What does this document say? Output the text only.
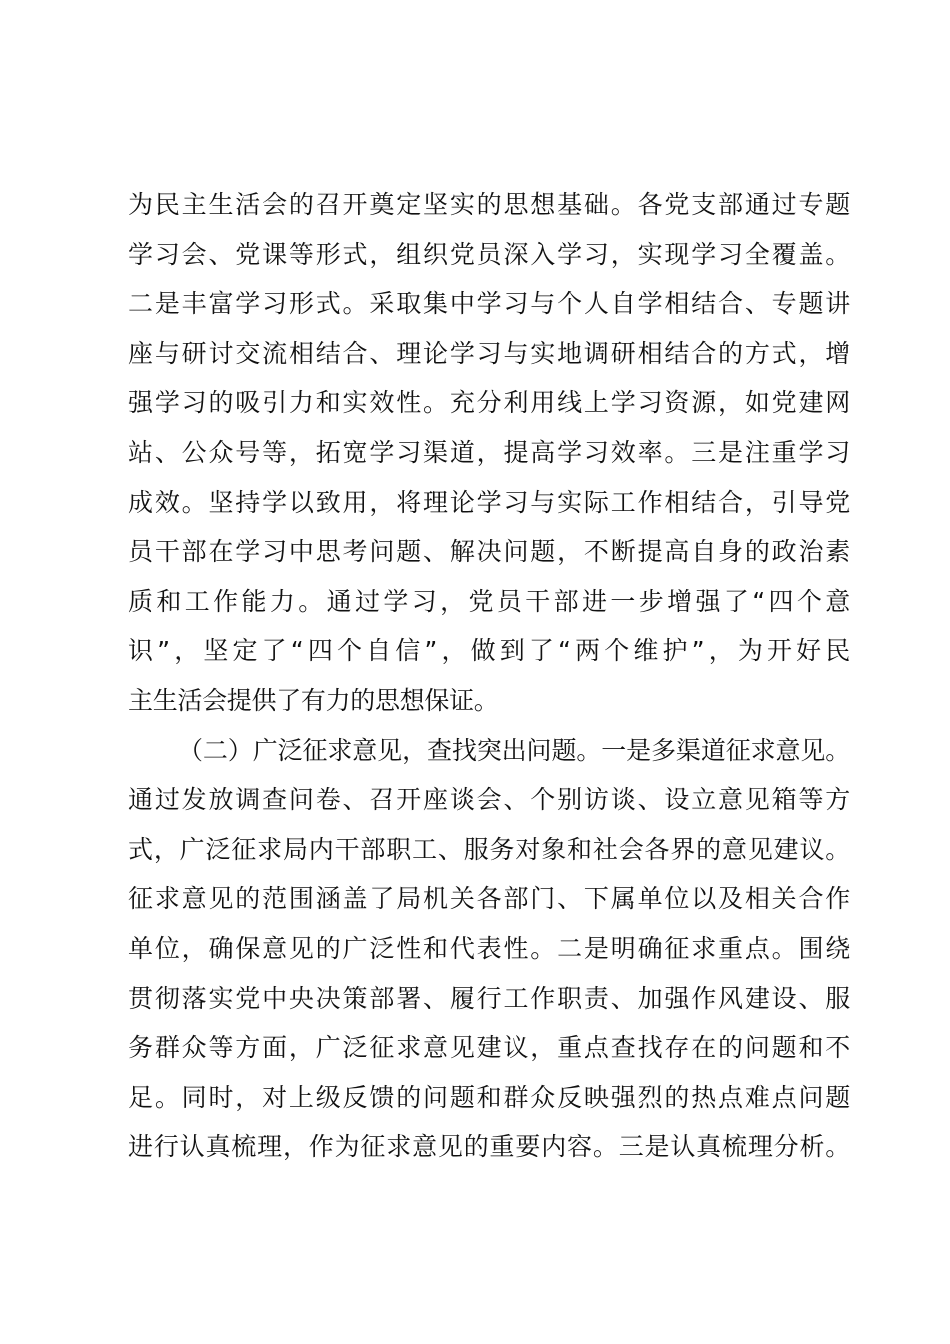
为民主生活会的召开奠定坚实的思想基础。各党支部通过专题
学习会、党课等形式，组织党员深入学习，实现学习全覆盖。
二是丰富学习形式。采取集中学习与个人自学相结合、专题讲
座与研讨交流相结合、理论学习与实地调研相结合的方式，增
强学习的吸引力和实效性。充分利用线上学习资源，如党建网
站、公众号等，拓宽学习渠道，提高学习效率。三是注重学习
成效。坚持学以致用，将理论学习与实际工作相结合，引导党
员干部在学习中思考问题、解决问题，不断提高自身的政治素
质和工作能力。通过学习，党员干部进一步增强了“四个意
识”，坚定了“四个自信”，做到了“两个维护”，为开好民
主生活会提供了有力的思想保证。
（二）广泛征求意见，查找突出问题。一是多渠道征求意见。
通过发放调查问卷、召开座谈会、个别访谈、设立意见箱等方
式，广泛征求局内干部职工、服务对象和社会各界的意见建议。
征求意见的范围涵盖了局机关各部门、下属单位以及相关合作
单位，确保意见的广泛性和代表性。二是明确征求重点。围绕
贯彻落实党中央决策部署、履行工作职责、加强作风建设、服
务群众等方面，广泛征求意见建议，重点查找存在的问题和不
足。同时，对上级反馈的问题和群众反映强烈的热点难点问题
进行认真梳理，作为征求意见的重要内容。三是认真梳理分析。
